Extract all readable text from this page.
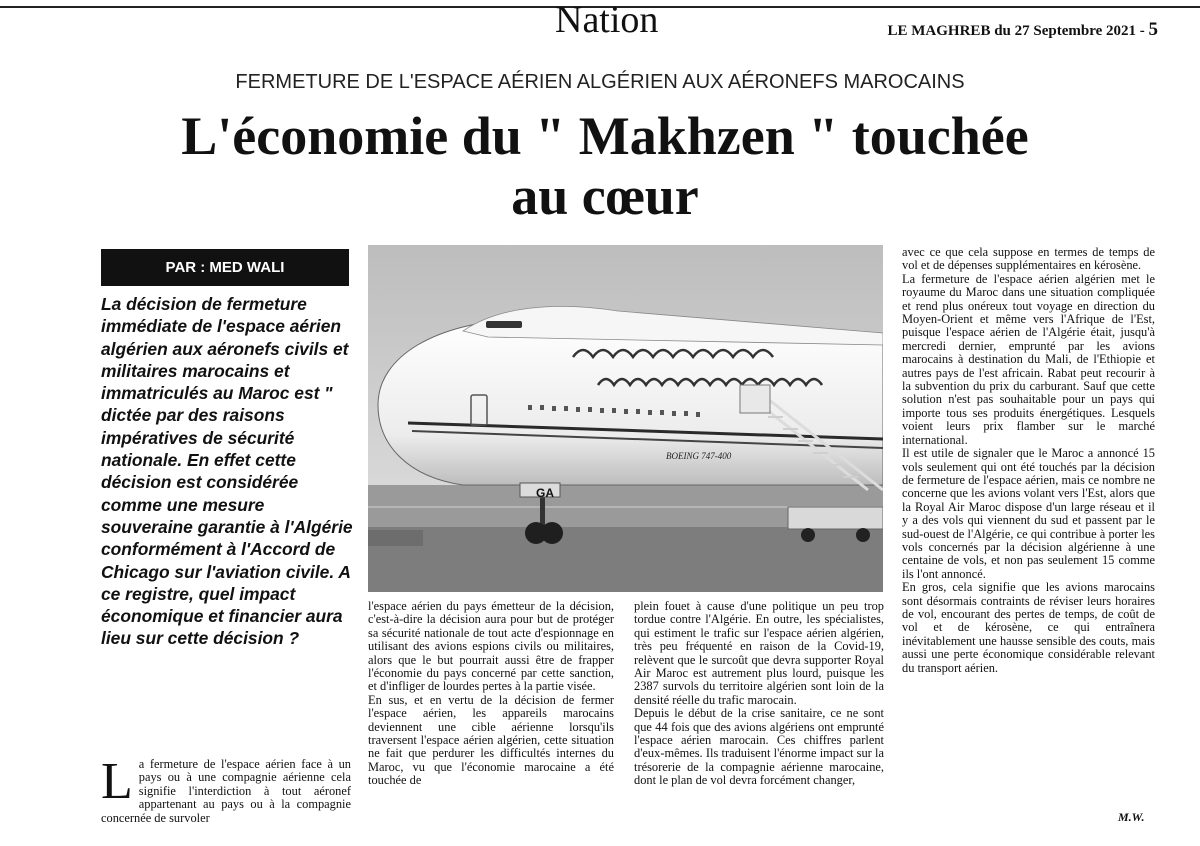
Nation	LE MAGHREB du 27 Septembre 2021 - 5
FERMETURE DE L'ESPACE AÉRIEN ALGÉRIEN AUX AÉRONEFS MAROCAINS
L'économie du " Makhzen " touchée
au cœur
PAR : MED WALI
La décision de fermeture immédiate de l'espace aérien algérien aux aéronefs civils et militaires marocains et immatriculés au Maroc est " dictée par des raisons impératives de sécurité nationale. En effet cette décision est considérée comme une mesure souveraine garantie à l'Algérie conformément à l'Accord de Chicago sur l'aviation civile. A ce registre, quel impact économique et financier aura lieu sur cette décision ?
BOEING 747-400
GA
L a fermeture de l'espace aérien face à un pays ou à une compagnie aérienne cela signifie l'interdiction à tout aéronef appartenant au pays ou à la compagnie concernée de survoler

l'espace aérien du pays émetteur de la décision, c'est-à-dire la décision aura pour but de protéger sa sécurité nationale de tout acte d'espionnage en utilisant des avions espions civils ou militaires, alors que le but pourrait aussi être de frapper l'économie du pays concerné par cette sanction, et d'infliger de lourdes pertes à la partie visée.

En sus, et en vertu de la décision de fermer l'espace aérien, les appareils marocains deviennent une cible aérienne lorsqu'ils traversent l'espace aérien algérien, cette situation ne fait que perdurer les difficultés internes du Maroc, vu que l'économie marocaine a été touchée de

plein fouet à cause d'une politique un peu trop tordue contre l'Algérie. En outre, les spécialistes, qui estiment le trafic sur l'espace aérien algérien, très peu fréquenté en raison de la Covid-19, relèvent que le surcoût que devra supporter Royal Air Maroc est autrement plus lourd, puisque les 2387 survols du territoire algérien sont loin de la densité réelle du trafic marocain.

Depuis le début de la crise sanitaire, ce ne sont que 44 fois que des avions algériens ont emprunté l'espace aérien marocain. Ces chiffres parlent d'eux-mêmes. Ils traduisent l'énorme impact sur la trésorerie de la compagnie aérienne marocaine, dont le plan de vol devra forcément changer,

avec ce que cela suppose en termes de temps de vol et de dépenses supplémentaires en kérosène.

La fermeture de l'espace aérien algérien met le royaume du Maroc dans une situation compliquée et rend plus onéreux tout voyage en direction du Moyen-Orient et même vers l'Afrique de l'Est, puisque l'espace aérien de l'Algérie était, jusqu'à mercredi dernier, emprunté par les avions marocains à destination du Mali, de l'Ethiopie et autres pays de l'est africain. Rabat peut recourir à la subvention du prix du carburant. Sauf que cette solution n'est pas souhaitable pour un pays qui importe tous ses produits énergétiques. Lesquels voient leurs prix flamber sur le marché international.

Il est utile de signaler que le Maroc a annoncé 15 vols seulement qui ont été touchés par la décision de fermeture de l'espace aérien, mais ce nombre ne concerne que les avions volant vers l'Est, alors que la Royal Air Maroc dispose d'un large réseau et il y a des vols qui viennent du sud et passent par le sud-ouest de l'Algérie, ce qui contribue à porter les vols concernés par la décision algérienne à une centaine de vols, et non pas seulement 15 comme ils l'ont annoncé.

En gros, cela signifie que les avions marocains sont désormais contraints de réviser leurs horaires de vol, encourant des pertes de temps, de coût de vol et de kérosène, ce qui entraînera inévitablement une hausse sensible des couts, mais aussi une perte économique considérable relevant du transport aérien.

M.W.
